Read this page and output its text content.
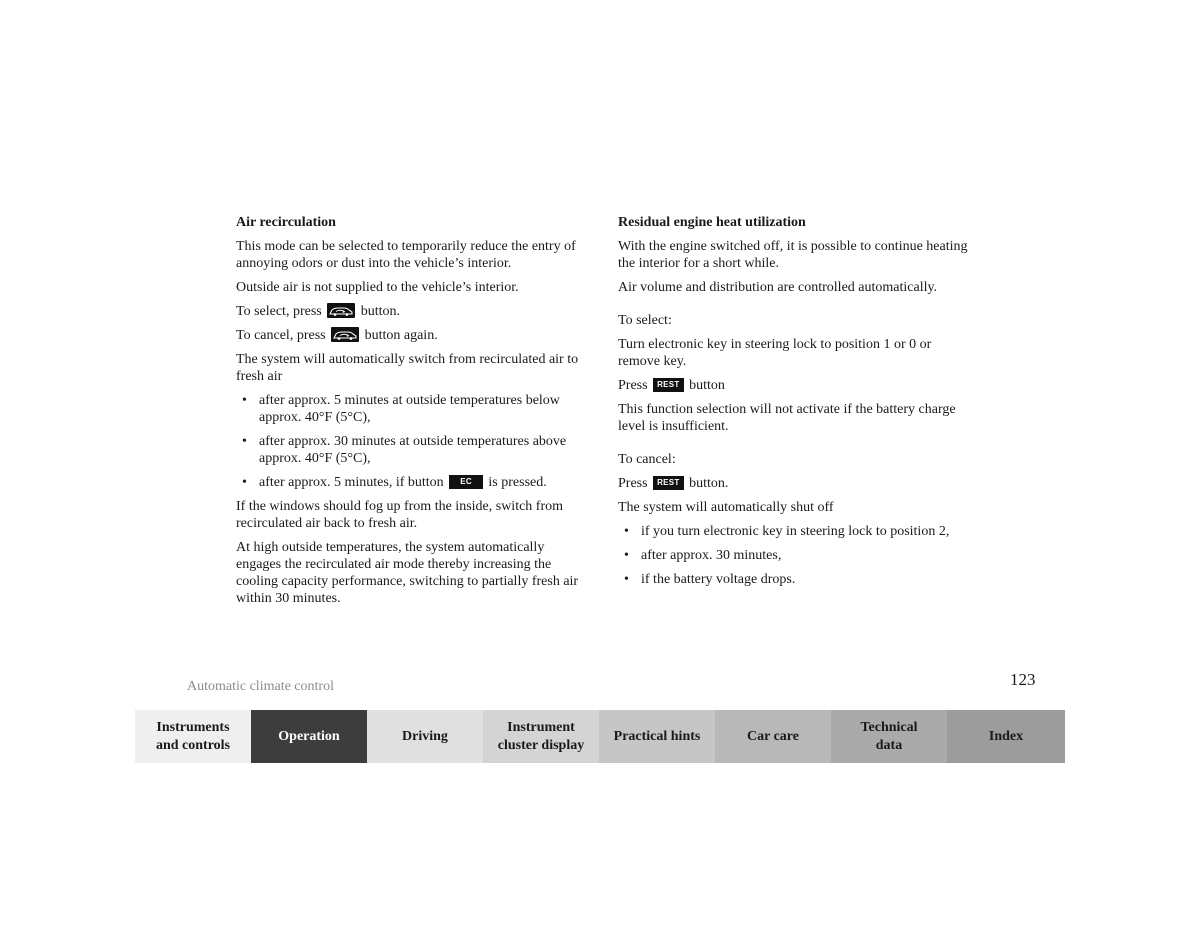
Air recirculation

This mode can be selected to temporarily reduce the entry of annoying odors or dust into the vehicle’s interior.

Outside air is not supplied to the vehicle’s interior.

To select, press	button.

To cancel, press	button again.

The system will automatically switch from recirculated air to fresh air

• after approx. 5 minutes at outside temperatures below approx. 40°F (5°C),
• after approx. 30 minutes at outside temperatures above approx. 40°F (5°C),
• after approx. 5 minutes, if button EC is pressed.

If the windows should fog up from the inside, switch from recirculated air back to fresh air.

At high outside temperatures, the system automatically engages the recirculated air mode thereby increasing the cooling capacity performance, switching to partially fresh air within 30 minutes.

Residual engine heat utilization

With the engine switched off, it is possible to continue heating the interior for a short while.

Air volume and distribution are controlled automatically.

To select:

Turn electronic key in steering lock to position 1 or 0 or remove key.

Press REST button

This function selection will not activate if the battery charge level is insufficient.

To cancel:

Press REST button.

The system will automatically shut off

• if you turn electronic key in steering lock to position 2,
• after approx. 30 minutes,
• if the battery voltage drops.
Automatic climate control	123
Instruments
and controls
Operation	Driving
Instrument
cluster display
Practical hints	Car care
Technical
data
Index
